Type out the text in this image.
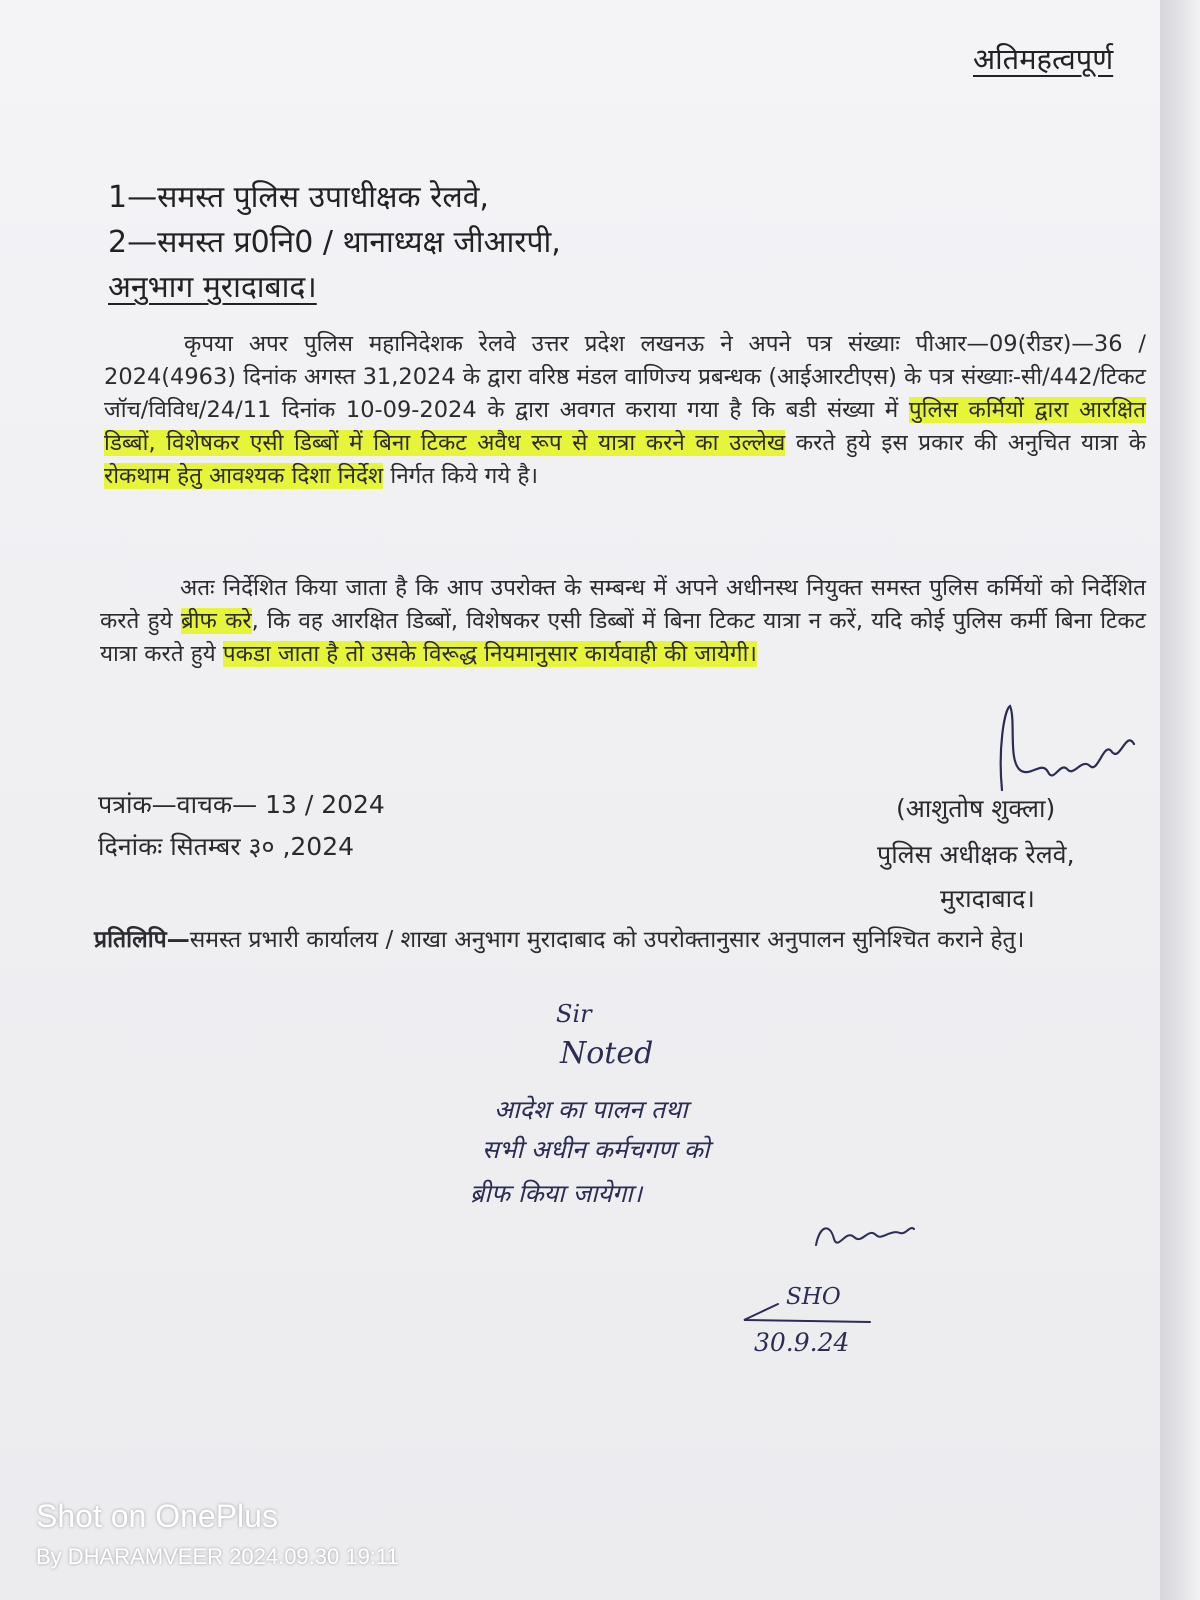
अतिमहत्वपूर्ण
1—समस्त पुलिस उपाधीक्षक रेलवे,
2—समस्त प्र0नि0 / थानाध्यक्ष जीआरपी,
अनुभाग मुरादाबाद।
कृपया अपर पुलिस महानिदेशक रेलवे उत्तर प्रदेश लखनऊ ने अपने पत्र संख्याः पीआर—09(रीडर)—36 / 2024(4963) दिनांक अगस्त 31,2024 के द्वारा वरिष्ठ मंडल वाणिज्य प्रबन्धक (आईआरटीएस) के पत्र संख्याः-सी/442/टिकट जॉच/विविध/24/11 दिनांक 10-09-2024 के द्वारा अवगत कराया गया है कि बडी संख्या में पुलिस कर्मियों द्वारा आरक्षित डिब्बों, विशेषकर एसी डिब्बों में बिना टिकट अवैध रूप से यात्रा करने का उल्लेख करते हुये इस प्रकार की अनुचित यात्रा के रोकथाम हेतु आवश्यक दिशा निर्देश निर्गत किये गये है।
अतः निर्देशित किया जाता है कि आप उपरोक्त के सम्बन्ध में अपने अधीनस्थ नियुक्त समस्त पुलिस कर्मियों को निर्देशित करते हुये ब्रीफ करे, कि वह आरक्षित डिब्बों, विशेषकर एसी डिब्बों में बिना टिकट यात्रा न करें, यदि कोई पुलिस कर्मी बिना टिकट यात्रा करते हुये पकडा जाता है तो उसके विरूद्ध नियमानुसार कार्यवाही की जायेगी।
पत्रांक—वाचक— 13 / 2024
दिनांकः सितम्बर ३० ,2024
(आशुतोष शुक्ला)
पुलिस अधीक्षक रेलवे,
मुरादाबाद।
प्रतिलिपि—समस्त प्रभारी कार्यालय / शाखा अनुभाग मुरादाबाद को उपरोक्तानुसार अनुपालन सुनिश्चित कराने हेतु।
Sir
Noted
आदेश का पालन तथा
सभी अधीन कर्मचगण को
ब्रीफ किया जायेगा।
SHO
30.9.24
Shot on OnePlus
By DHARAMVEER 2024.09.30 19:11
